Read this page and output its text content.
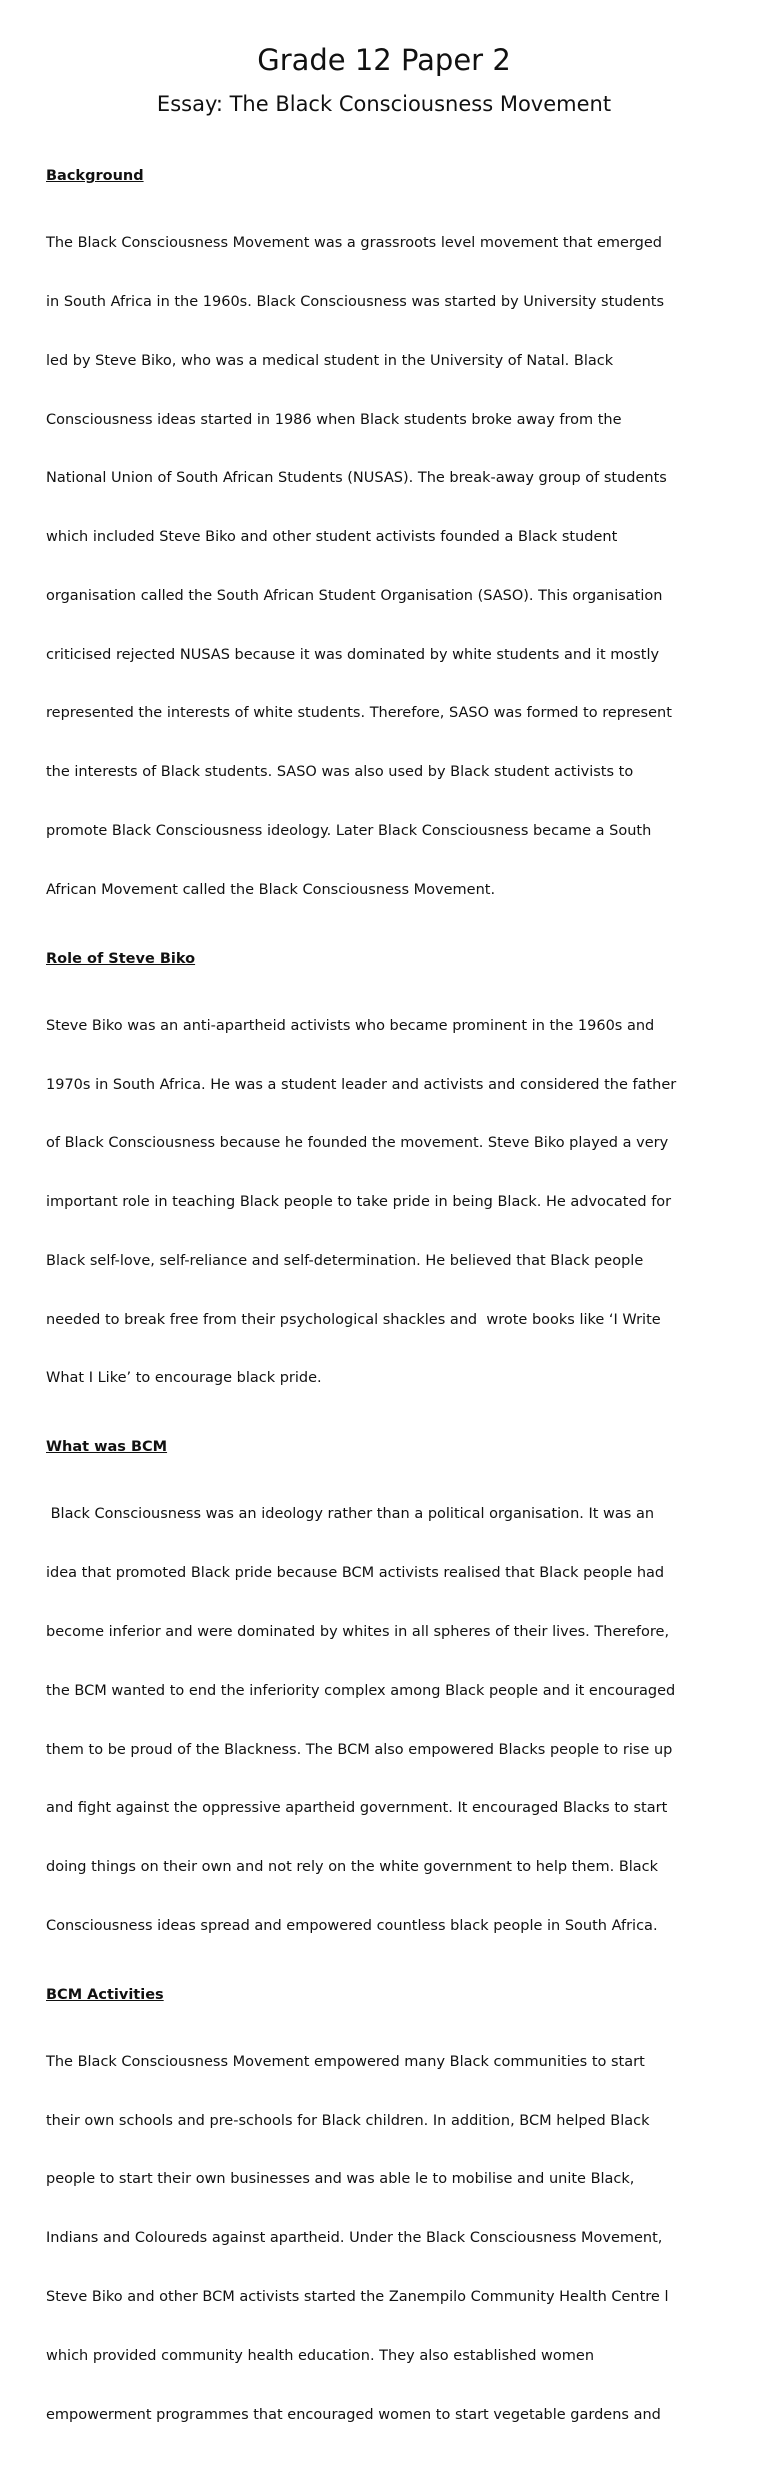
Grade 12 Paper 2
Essay: The Black Consciousness Movement
Background

The Black Consciousness Movement was a grassroots level movement that emerged

in South Africa in the 1960s. Black Consciousness was started by University students

led by Steve Biko, who was a medical student in the University of Natal. Black

Consciousness ideas started in 1986 when Black students broke away from the

National Union of South African Students (NUSAS). The break-away group of students

which included Steve Biko and other student activists founded a Black student

organisation called the South African Student Organisation (SASO). This organisation

criticised rejected NUSAS because it was dominated by white students and it mostly

represented the interests of white students. Therefore, SASO was formed to represent

the interests of Black students. SASO was also used by Black student activists to

promote Black Consciousness ideology. Later Black Consciousness became a South

African Movement called the Black Consciousness Movement.

Role of Steve Biko

Steve Biko was an anti-apartheid activists who became prominent in the 1960s and

1970s in South Africa. He was a student leader and activists and considered the father

of Black Consciousness because he founded the movement. Steve Biko played a very

important role in teaching Black people to take pride in being Black. He advocated for

Black self-love, self-reliance and self-determination. He believed that Black people

needed to break free from their psychological shackles and  wrote books like ‘I Write

What I Like’ to encourage black pride.

What was BCM

Black Consciousness was an ideology rather than a political organisation. It was an

idea that promoted Black pride because BCM activists realised that Black people had

become inferior and were dominated by whites in all spheres of their lives. Therefore,

the BCM wanted to end the inferiority complex among Black people and it encouraged

them to be proud of the Blackness. The BCM also empowered Blacks people to rise up

and fight against the oppressive apartheid government. It encouraged Blacks to start

doing things on their own and not rely on the white government to help them. Black

Consciousness ideas spread and empowered countless black people in South Africa.

BCM Activities

The Black Consciousness Movement empowered many Black communities to start

their own schools and pre-schools for Black children. In addition, BCM helped Black

people to start their own businesses and was able le to mobilise and unite Black,

Indians and Coloureds against apartheid. Under the Black Consciousness Movement,

Steve Biko and other BCM activists started the Zanempilo Community Health Centre l

which provided community health education. They also established women

empowerment programmes that encouraged women to start vegetable gardens and
